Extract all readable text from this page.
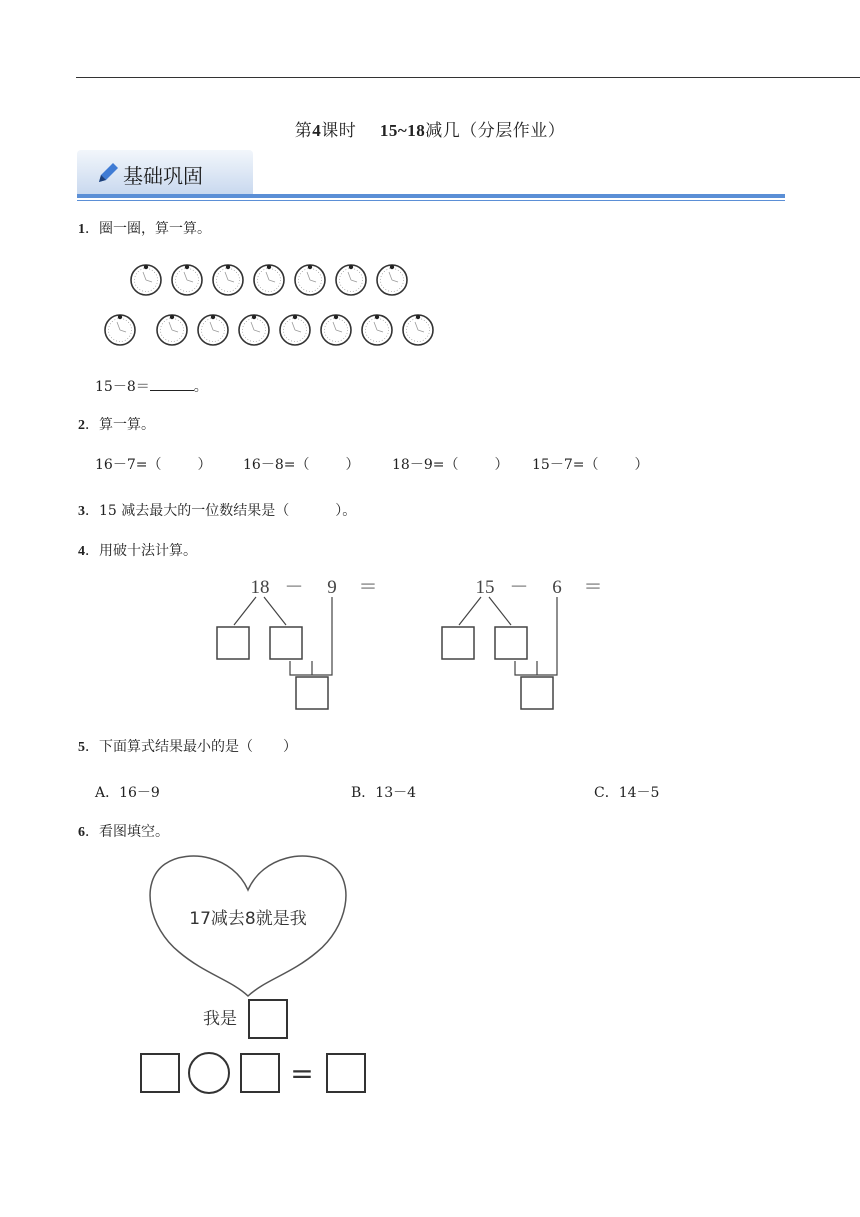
第4课时 15~18减几（分层作业）
基础巩固
1．圈一圈，算一算。
15－8＝	。
2．算一算。
16－7=（	） 16－8=（	） 18－9=（	） 15－7=（	）
3．15 减去最大的一位数结果是（	）。
4．用破十法计算。
18 － 9 ＝	15 － 6 ＝
5．下面算式结果最小的是（ ）
A．16－9	B．13－4	C．14－5
6．看图填空。
17减去8就是我
我是
=
